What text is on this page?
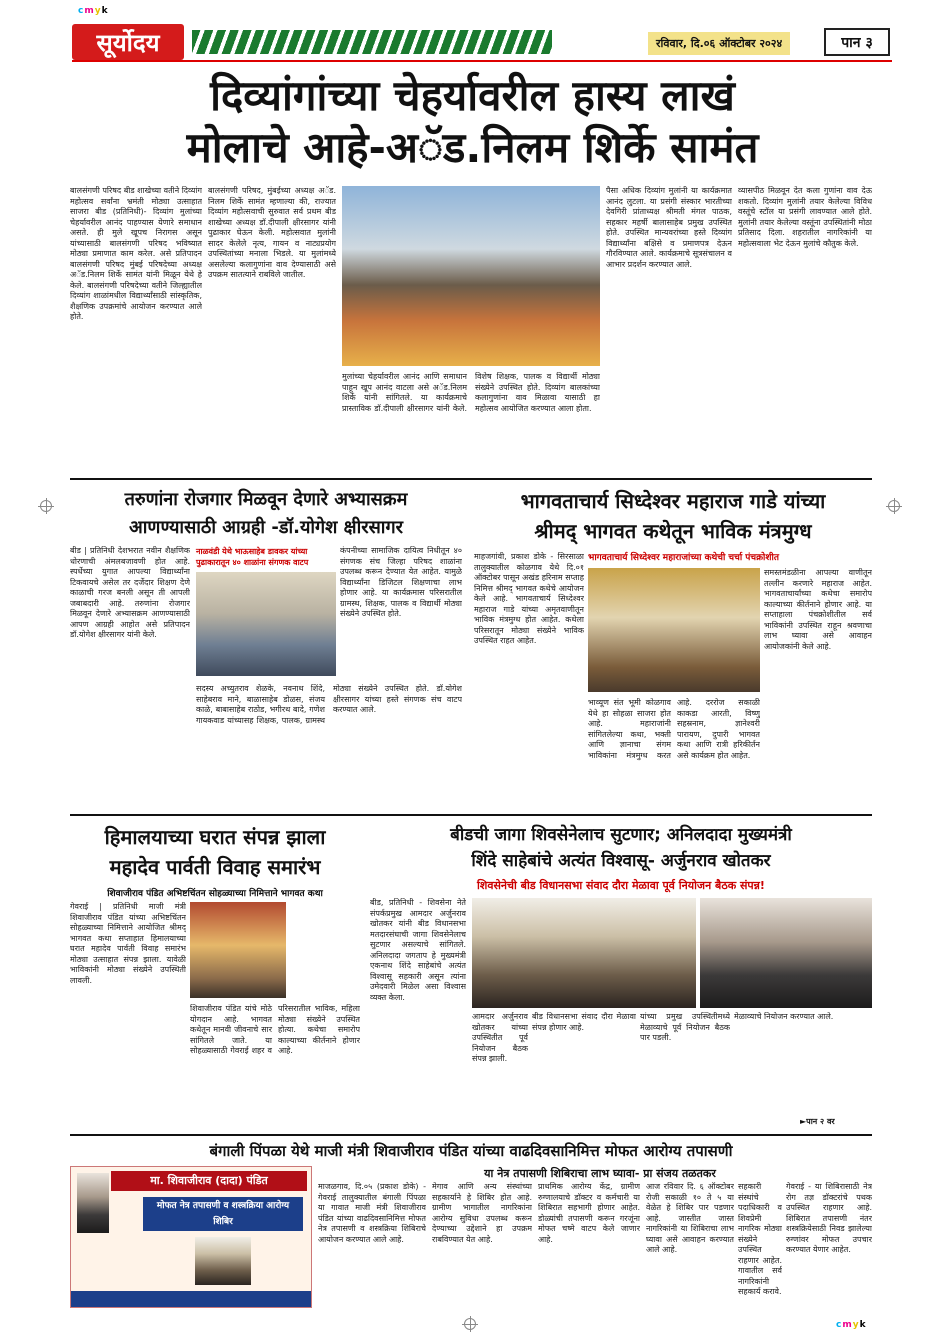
cmyk
cmyk
सूर्योदय	रविवार, दि.०६ ऑक्टोबर २०२४	पान ३
दिव्यांगांच्या चेहर्यावरील हास्य लाखं
मोलाचे आहे-अॅड.निलम शिर्के सामंत
बालसंगणी परिषद बीड शाखेच्या वतीने दिव्यांग महोत्सव सर्वांना भ्रमंती मोठ्या उत्साहात साजरा बीड (प्रतिनिधी)- दिव्यांग मुलांच्या चेहर्यावरील आनंद पाहण्यास येणारे समाधान असते. ही मुले खूपच निरागस असून यांच्यासाठी बालसंगणी परिषद भविष्यात मोठ्या प्रमाणात काम करेल. असे प्रतिपादन बालसंगणी परिषद मुंबई परिषदेच्या अध्यक्ष अॅड.निलम शिर्के सामंत यांनी मिळून येथे हे केले. बालसंगणी परिषदेच्या वतीने जिल्ह्यातील दिव्यांग शाळांमधील विद्यार्थ्यांसाठी सांस्कृतिक, शैक्षणिक उपक्रमांचे आयोजन करण्यात आले होते.
बालसंगणी परिषद, मुंबईच्या अध्यक्ष अॅड. निलम शिर्के सामंत म्हणाल्या की, राज्यात दिव्यांग महोत्सवाची सुरुवात सर्व प्रथम बीड शाखेच्या अध्यक्ष डॉ.दीपाली क्षीरसागर यांनी पुढाकार घेऊन केली. महोत्सवात मुलांनी सादर केलेले नृत्य, गायन व नाट्यप्रयोग उपस्थितांच्या मनाला भिडले. या मुलांमध्ये असलेल्या कलागुणांना वाव देण्यासाठी असे उपक्रम सातत्याने राबविले जातील.
मुलांच्या चेहर्यावरील आनंद आणि समाधान पाहून खूप आनंद वाटला असे अॅड.निलम शिर्के यांनी सांगितले. या कार्यक्रमाचे प्रास्ताविक डॉ.दीपाली क्षीरसागर यांनी केले. विशेष शिक्षक, पालक व विद्यार्थी मोठ्या संख्येने उपस्थित होते. दिव्यांग बालकांच्या कलागुणांना वाव मिळावा यासाठी हा महोत्सव आयोजित करण्यात आला होता.
पैसा अधिक दिव्यांग मुलांनी या कार्यक्रमात आनंद लुटला. या प्रसंगी संस्कार भारतीच्या देवगिरी प्रांताध्यक्ष श्रीमती मंगल पाठक, सहकार महर्षी बालासाहेब प्रमुख उपस्थित होते. उपस्थित मान्यवरांच्या हस्ते दिव्यांग विद्यार्थ्यांना बक्षिसे व प्रमाणपत्र देऊन गौरविण्यात आले. कार्यक्रमाचे सूत्रसंचालन व आभार प्रदर्शन करण्यात आले.
व्यासपीठ मिळवून देत कला गुणांना वाव देऊ शकतो. दिव्यांग मुलांनी तयार केलेल्या विविध वस्तूंचे स्टॉल या प्रसंगी लावण्यात आले होते. मुलांनी तयार केलेल्या वस्तूंना उपस्थितांनी मोठा प्रतिसाद दिला. शहरातील नागरिकांनी या महोत्सवाला भेट देऊन मुलांचे कौतुक केले.
तरुणांना रोजगार मिळवून देणारे अभ्यासक्रम
आणण्यासाठी आग्रही -डॉ.योगेश क्षीरसागर
बीड | प्रतिनिधी देशभरात नवीन शैक्षणिक धोरणाची अंमलबजावणी होत आहे. स्पर्धेच्या युगात आपल्या विद्यार्थ्यांना टिकवायचे असेल तर दर्जेदार शिक्षण देणे काळाची गरज बनली असून ती आपली जबाबदारी आहे. तरुणांना रोजगार मिळवून देणारे अभ्यासक्रम आणण्यासाठी आपण आग्रही आहोत असे प्रतिपादन डॉ.योगेश क्षीरसागर यांनी केले.
नाळवंडी येथे भाऊसाहेब डावकर यांच्या पुढाकारातून ४० शाळांना संगणक वाटप
कंपनीच्या सामाजिक दायित्व निधीतून ४० संगणक संच जिल्हा परिषद शाळांना उपलब्ध करून देण्यात येत आहेत. यामुळे विद्यार्थ्यांना डिजिटल शिक्षणाचा लाभ होणार आहे. या कार्यक्रमास परिसरातील ग्रामस्थ, शिक्षक, पालक व विद्यार्थी मोठ्या संख्येने उपस्थित होते.
सदस्य अच्युतराव शेळके, नवनाथ शिंदे, साहेबराव माने, बाळासाहेब डोळस, संजय काळे, बाबासाहेब राठोड, भगीरथ बादे, गणेश गायकवाड यांच्यासह शिक्षक, पालक, ग्रामस्थ मोठ्या संख्येने उपस्थित होते. डॉ.योगेश क्षीरसागर यांच्या हस्ते संगणक संच वाटप करण्यात आले.
भागवताचार्य सिध्देश्वर महाराज गाडे यांच्या
श्रीमद् भागवत कथेतून भाविक मंत्रमुग्ध
माहजगांवी, प्रकाश डोके - सिरसाळा तालुक्यातील कोळगाव येथे दि.०१ ऑक्टोबर पासून अखंड हरिनाम सप्ताह निमित्त श्रीमद् भागवत कथेचे आयोजन केले आहे. भागवताचार्य सिध्देश्वर महाराज गाडे यांच्या अमृतवाणीतून भाविक मंत्रमुग्ध होत आहेत. कथेला परिसरातून मोठ्या संख्येने भाविक उपस्थित राहत आहेत.
भागवताचार्य सिध्देश्वर महाराजांच्या कथेची चर्चा पंचक्रोशीत
समस्तमंडळीना आपल्या वाणीतून तल्लीन करणारे महाराज आहेत. भागवताचार्यांच्या कथेचा समारोप काल्याच्या कीर्तनाने होणार आहे. या सप्ताहाला पंचक्रोशीतील सर्व भाविकांनी उपस्थित राहून श्रवणाचा लाभ घ्यावा असे आवाहन आयोजकांनी केले आहे.
भाव्यूण संत भूमी कोळगाव येथे हा सोहळा साजरा होत आहे. महाराजांनी सांगितलेल्या कथा, भक्ती आणि ज्ञानाचा संगम भाविकांना मंत्रमुग्ध करत आहे. दररोज सकाळी काकडा आरती, विष्णु सहस्रनाम, ज्ञानेश्वरी पारायण, दुपारी भागवत कथा आणि रात्री हरिकीर्तन असे कार्यक्रम होत आहेत.
हिमालयाच्या घरात संपन्न झाला
महादेव पार्वती विवाह समारंभ
शिवाजीराव पंडित अभिष्टचिंतन सोहळ्याच्या निमित्ताने भागवत कथा
गेवराई | प्रतिनिधी माजी मंत्री शिवाजीराव पंडित यांच्या अभिष्टचिंतन सोहळ्याच्या निमित्ताने आयोजित श्रीमद् भागवत कथा सप्ताहात हिमालयाच्या घरात महादेव पार्वती विवाह समारंभ मोठ्या उत्साहात संपन्न झाला. यावेळी भाविकांनी मोठ्या संख्येने उपस्थिती लावली.
शिवाजीराव पंडित यांचे मोठे योगदान आहे. भागवत कथेतून मानवी जीवनाचे सार सांगितले जाते. या सोहळ्यासाठी गेवराई शहर व परिसरातील भाविक, महिला मोठ्या संख्येने उपस्थित होत्या. कथेचा समारोप काल्याच्या कीर्तनाने होणार आहे.
बीडची जागा शिवसेनेलाच सुटणार; अनिलदादा मुख्यमंत्री
शिंदे साहेबांचे अत्यंत विश्वासू- अर्जुनराव खोतकर
शिवसेनेची बीड विधानसभा संवाद दौरा मेळावा पूर्व नियोजन बैठक संपन्न!
बीड, प्रतिनिधी - शिवसेना नेते संपर्कप्रमुख आमदार अर्जुनराव खोतकर यांनी बीड विधानसभा मतदारसंघाची जागा शिवसेनेलाच सुटणार असल्याचे सांगितले. अनिलदादा जगताप हे मुख्यमंत्री एकनाथ शिंदे साहेबांचे अत्यंत विश्वासू सहकारी असून त्यांना उमेदवारी मिळेल असा विश्वास व्यक्त केला.
आमदार अर्जुनराव खोतकर यांच्या उपस्थितीत पूर्व नियोजन बैठक संपन्न झाली.
बीड विधानसभा संवाद दौरा मेळावा संपन्न होणार आहे.
यांच्या प्रमुख उपस्थितीमध्ये मेळाव्याचे पूर्व नियोजन बैठक पार पडली.
मेळाव्याचे नियोजन करण्यात आले.
►पान २ वर
बंगाली पिंपळा येथे माजी मंत्री शिवाजीराव पंडित यांच्या वाढदिवसानिमित्त मोफत आरोग्य तपासणी
या नेत्र तपासणी शिबिराचा लाभ घ्यावा- प्रा संजय तळतकर
मा. शिवाजीराव (दादा) पंडित
मोफत नेत्र तपासणी व शस्त्रक्रिया आरोग्य शिबिर
माजळगाव, दि.०५ (प्रकाश डोके) - गेवराई तालुक्यातील बंगाली पिंपळा या गावात माजी मंत्री शिवाजीराव पंडित यांच्या वाढदिवसानिमित्त मोफत नेत्र तपासणी व शस्त्रक्रिया शिबिराचे आयोजन करण्यात आले आहे.
मेगाव आणि अन्य संस्थांच्या सहकार्याने हे शिबिर होत आहे. ग्रामीण भागातील नागरिकांना आरोग्य सुविधा उपलब्ध करून देण्याच्या उद्देशाने हा उपक्रम राबविण्यात येत आहे.
प्राथमिक आरोग्य केंद्र, ग्रामीण रुग्णालयाचे डॉक्टर व कर्मचारी या शिबिरात सहभागी होणार आहेत. डोळ्यांची तपासणी करून गरजूंना मोफत चष्मे वाटप केले जाणार आहे.
आज रविवार दि. ६ ऑक्टोबर रोजी सकाळी १० ते ५ या वेळेत हे शिबिर पार पडणार आहे. जास्तीत जास्त नागरिकांनी या शिबिराचा लाभ घ्यावा असे आवाहन करण्यात आले आहे.
सहकारी संस्थांचे पदाधिकारी व शिवप्रेमी नागरिक मोठ्या संख्येने उपस्थित राहणार आहेत. गावातील सर्व नागरिकांनी सहकार्य करावे.
गेवराई - या शिबिरासाठी नेत्र रोग तज्ञ डॉक्टरांचे पथक उपस्थित राहणार आहे. शिबिरात तपासणी नंतर शस्त्रक्रियेसाठी निवड झालेल्या रुग्णांवर मोफत उपचार करण्यात येणार आहेत.
